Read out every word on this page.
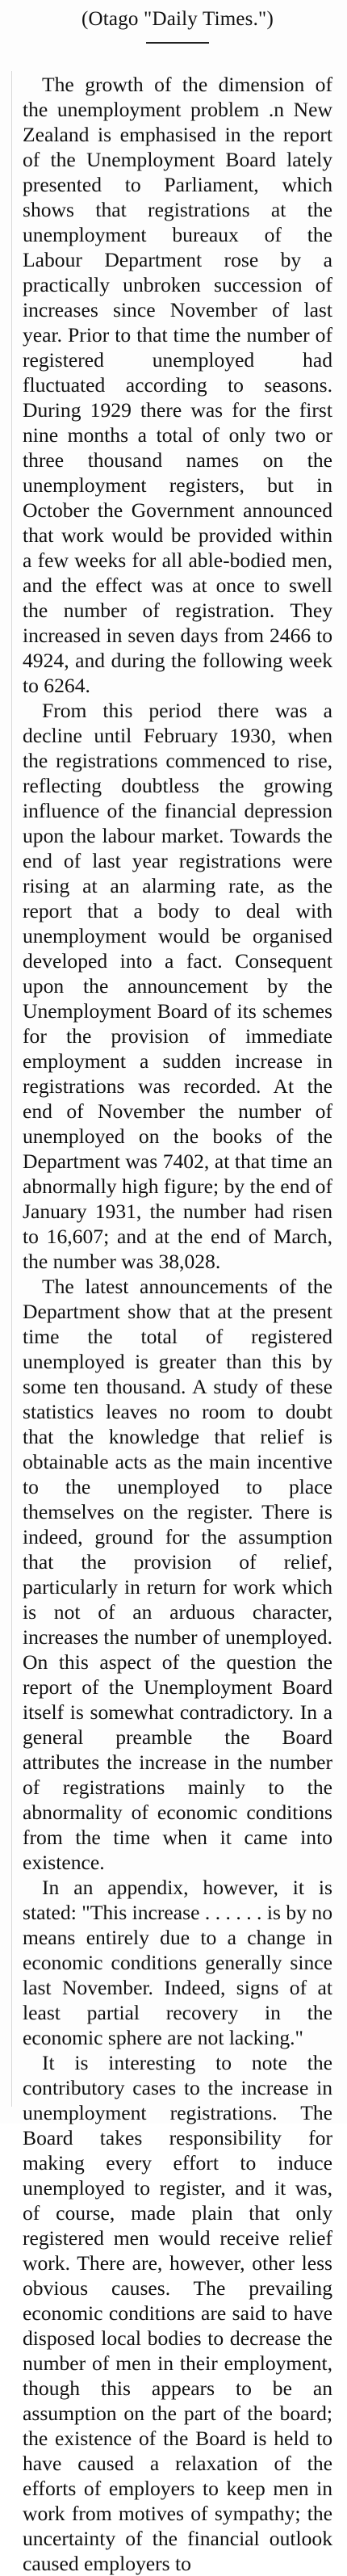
(Otago "Daily Times.")

The growth of the dimension of the unemployment problem .n New Zealand is emphasised in the report of the Unemployment Board lately presented to Parliament, which shows that registrations at the unemployment bureaux of the Labour Department rose by a practically unbroken succession of increases since November of last year. Prior to that time the number of registered unemployed had fluctuated according to seasons. During 1929 there was for the first nine months a total of only two or three thousand names on the unemployment registers, but in October the Government announced that work would be provided within a few weeks for all able-bodied men, and the effect was at once to swell the number of registration. They increased in seven days from 2466 to 4924, and during the following week to 6264.

From this period there was a decline until February 1930, when the registrations commenced to rise, reflecting doubtless the growing influence of the financial depression upon the labour market. Towards the end of last year registrations were rising at an alarming rate, as the report that a body to deal with unemployment would be organised developed into a fact. Consequent upon the announcement by the Unemployment Board of its schemes for the provision of immediate employment a sudden increase in registrations was recorded. At the end of November the number of unemployed on the books of the Department was 7402, at that time an abnormally high figure; by the end of January 1931, the number had risen to 16,607; and at the end of March, the number was 38,028.

The latest announcements of the Department show that at the present time the total of registered unemployed is greater than this by some ten thousand. A study of these statistics leaves no room to doubt that the knowledge that relief is obtainable acts as the main incentive to the unemployed to place themselves on the register. There is indeed, ground for the assumption that the provision of relief, particularly in return for work which is not of an arduous character, increases the number of unemployed. On this aspect of the question the report of the Unemployment Board itself is somewhat contradictory. In a general preamble the Board attributes the increase in the number of registrations mainly to the abnormality of economic conditions from the time when it came into existence.

In an appendix, however, it is stated: "This increase . . . . . . is by no means entirely due to a change in economic conditions generally since last November. Indeed, signs of at least partial recovery in the economic sphere are not lacking."

It is interesting to note the contributory cases to the increase in unemployment registrations. The Board takes responsibility for making every effort to induce unemployed to register, and it was, of course, made plain that only registered men would receive relief work. There are, however, other less obvious causes. The prevailing economic conditions are said to have disposed local bodies to decrease the number of men in their employment, though this appears to be an assumption on the part of the board; the existence of the Board is held to have caused a relaxation of the efforts of employers to keep men in work from motives of sympathy; the uncertainty of the financial outlook caused employers to
